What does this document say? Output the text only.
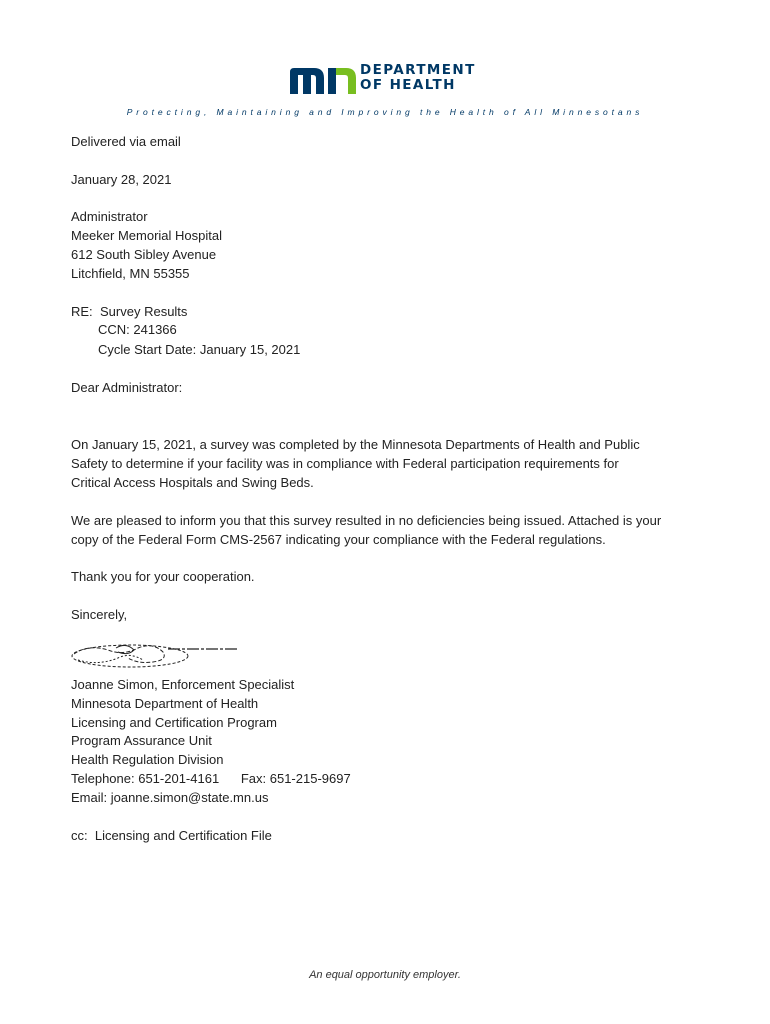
DEPARTMENT
OF HEALTH
Protecting, Maintaining and Improving the Health of All Minnesotans
Delivered via email
January 28, 2021
Administrator
Meeker Memorial Hospital
612 South Sibley Avenue
Litchfield, MN 55355
RE: Survey Results
CCN: 241366
Cycle Start Date: January 15, 2021
Dear Administrator:
On January 15, 2021, a survey was completed by the Minnesota Departments of Health and Public
Safety to determine if your facility was in compliance with Federal participation requirements for
Critical Access Hospitals and Swing Beds.
We are pleased to inform you that this survey resulted in no deficiencies being issued. Attached is your
copy of the Federal Form CMS-2567 indicating your compliance with the Federal regulations.
Thank you for your cooperation.
Sincerely,
Joanne Simon, Enforcement Specialist
Minnesota Department of Health
Licensing and Certification Program
Program Assurance Unit
Health Regulation Division
Telephone: 651-201-4161      Fax: 651-215-9697
Email: joanne.simon@state.mn.us
cc:  Licensing and Certification File
An equal opportunity employer.
